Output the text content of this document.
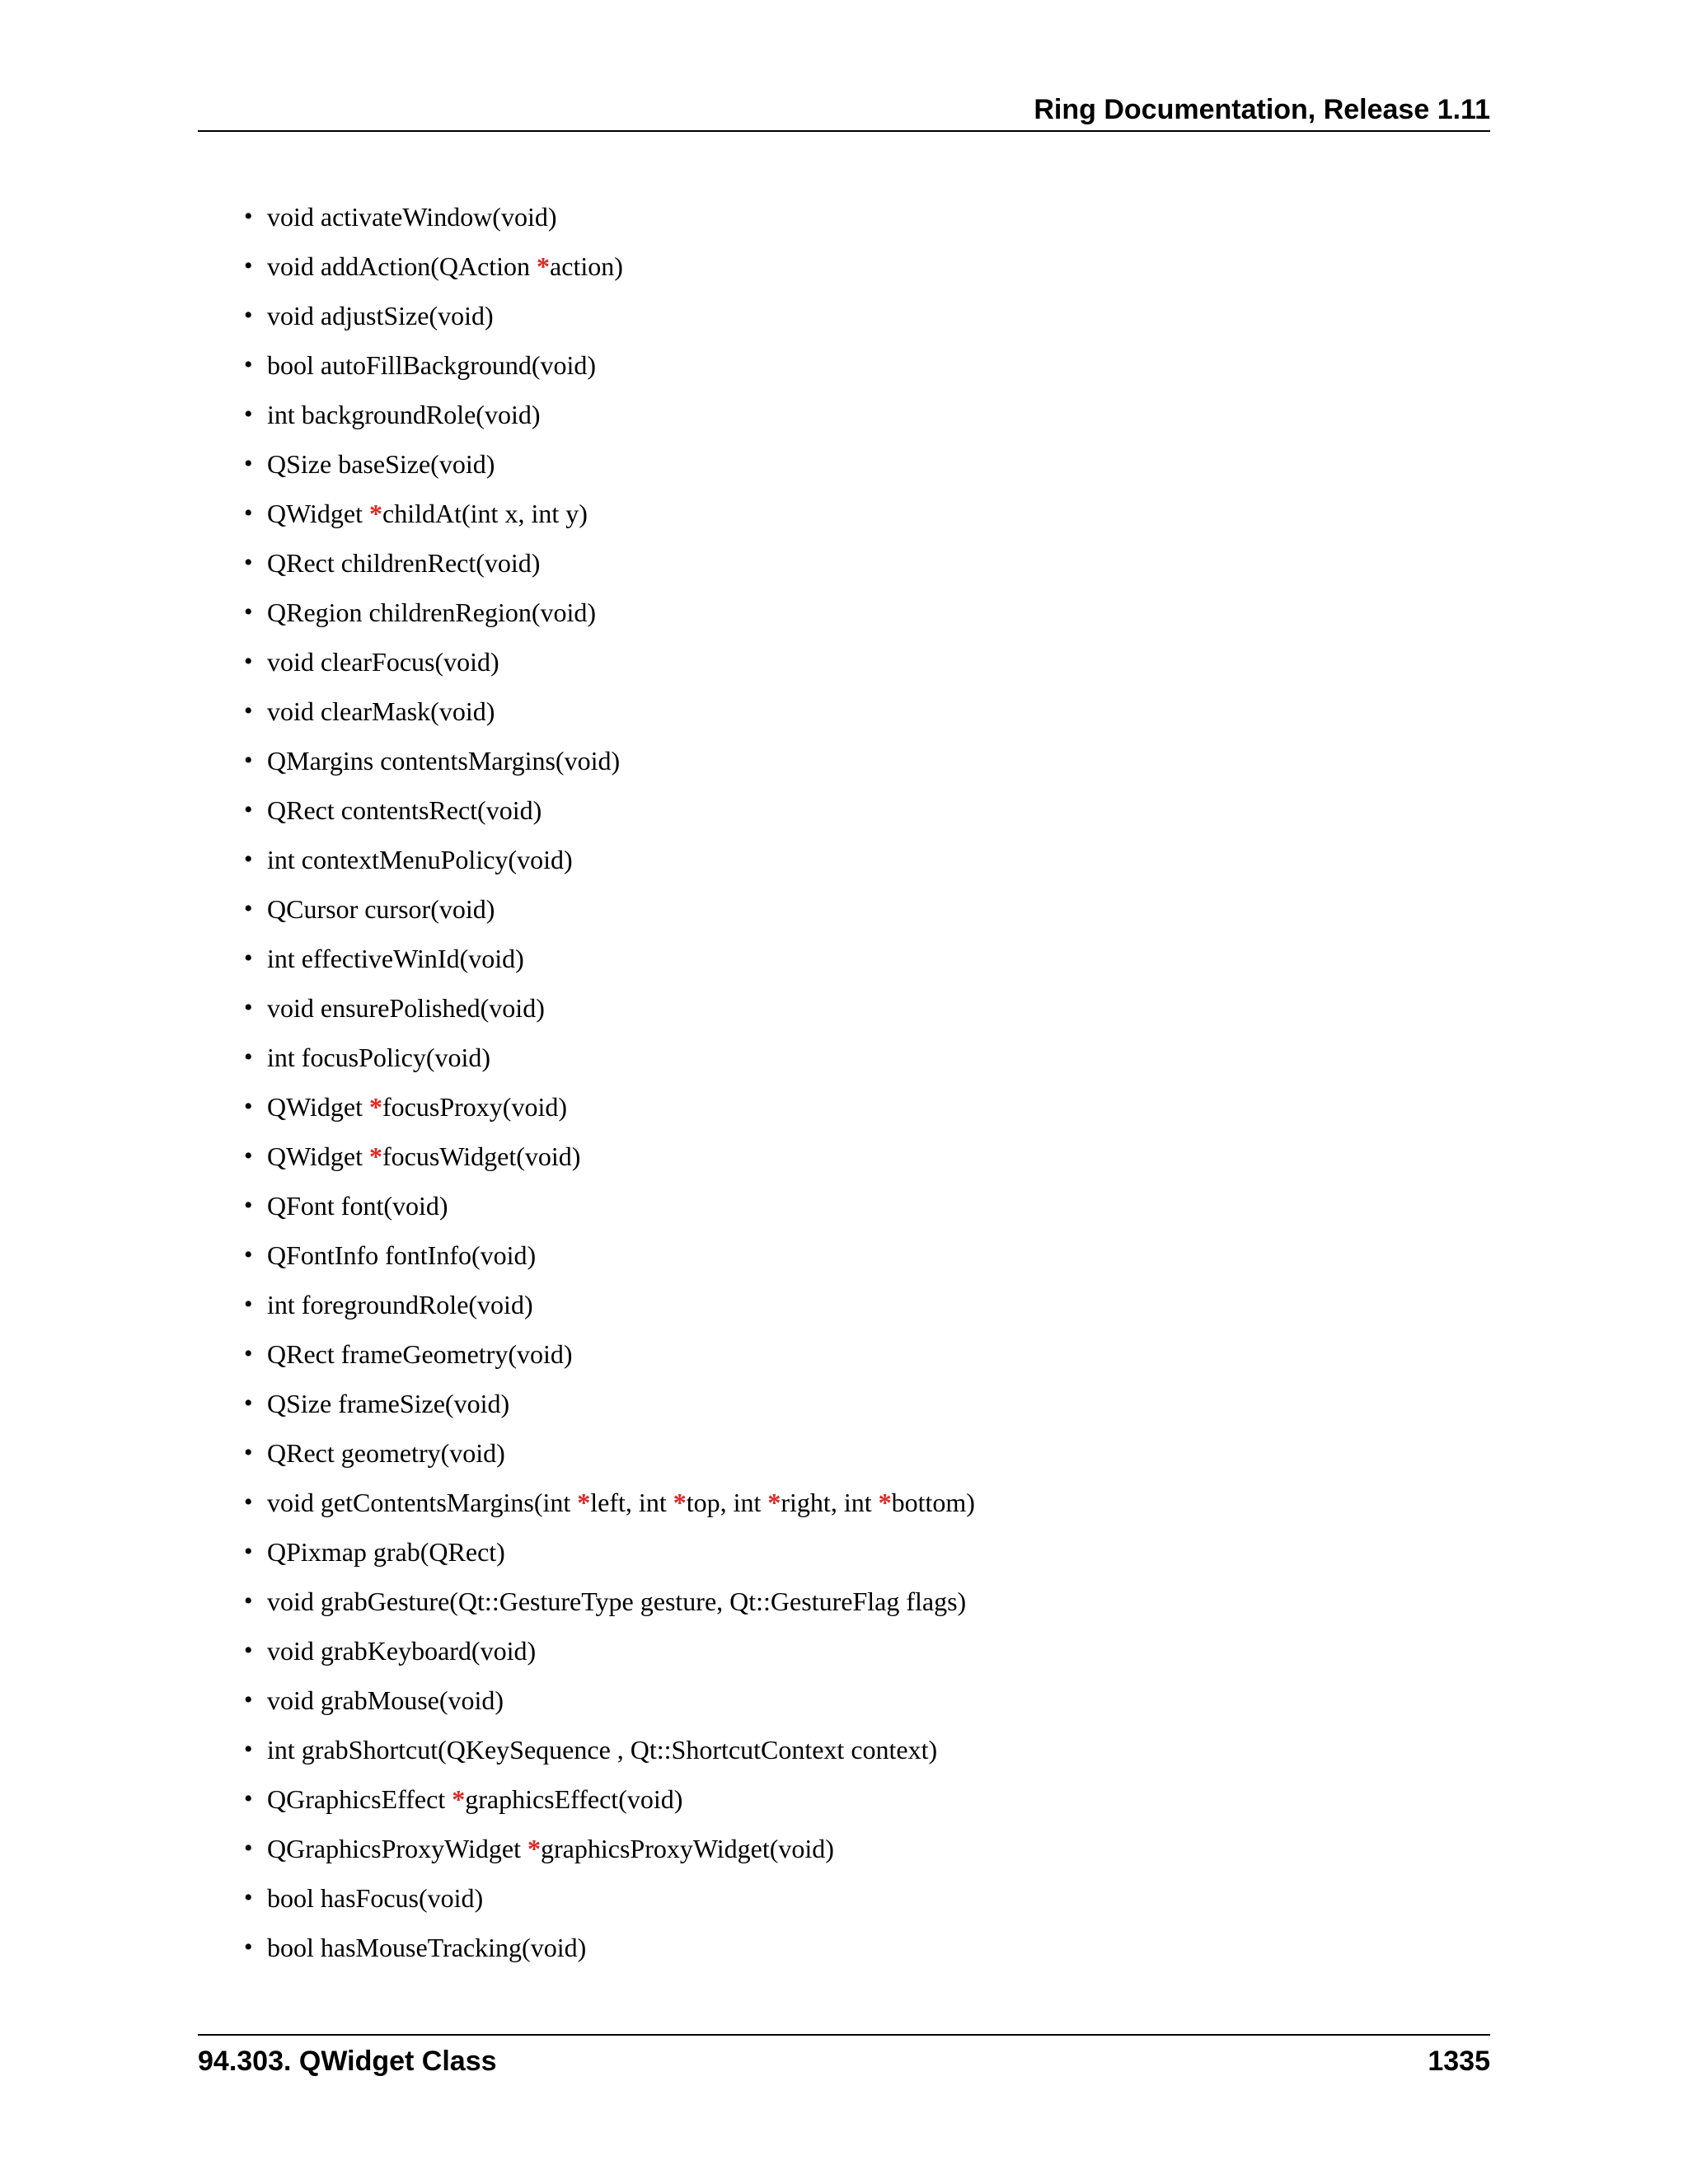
Ring Documentation, Release 1.11
• void activateWindow(void)
• void addAction(QAction *action)
• void adjustSize(void)
• bool autoFillBackground(void)
• int backgroundRole(void)
• QSize baseSize(void)
• QWidget *childAt(int x, int y)
• QRect childrenRect(void)
• QRegion childrenRegion(void)
• void clearFocus(void)
• void clearMask(void)
• QMargins contentsMargins(void)
• QRect contentsRect(void)
• int contextMenuPolicy(void)
• QCursor cursor(void)
• int effectiveWinId(void)
• void ensurePolished(void)
• int focusPolicy(void)
• QWidget *focusProxy(void)
• QWidget *focusWidget(void)
• QFont font(void)
• QFontInfo fontInfo(void)
• int foregroundRole(void)
• QRect frameGeometry(void)
• QSize frameSize(void)
• QRect geometry(void)
• void getContentsMargins(int *left, int *top, int *right, int *bottom)
• QPixmap grab(QRect)
• void grabGesture(Qt::GestureType gesture, Qt::GestureFlag flags)
• void grabKeyboard(void)
• void grabMouse(void)
• int grabShortcut(QKeySequence , Qt::ShortcutContext context)
• QGraphicsEffect *graphicsEffect(void)
• QGraphicsProxyWidget *graphicsProxyWidget(void)
• bool hasFocus(void)
• bool hasMouseTracking(void)
94.303. QWidget Class	1335
